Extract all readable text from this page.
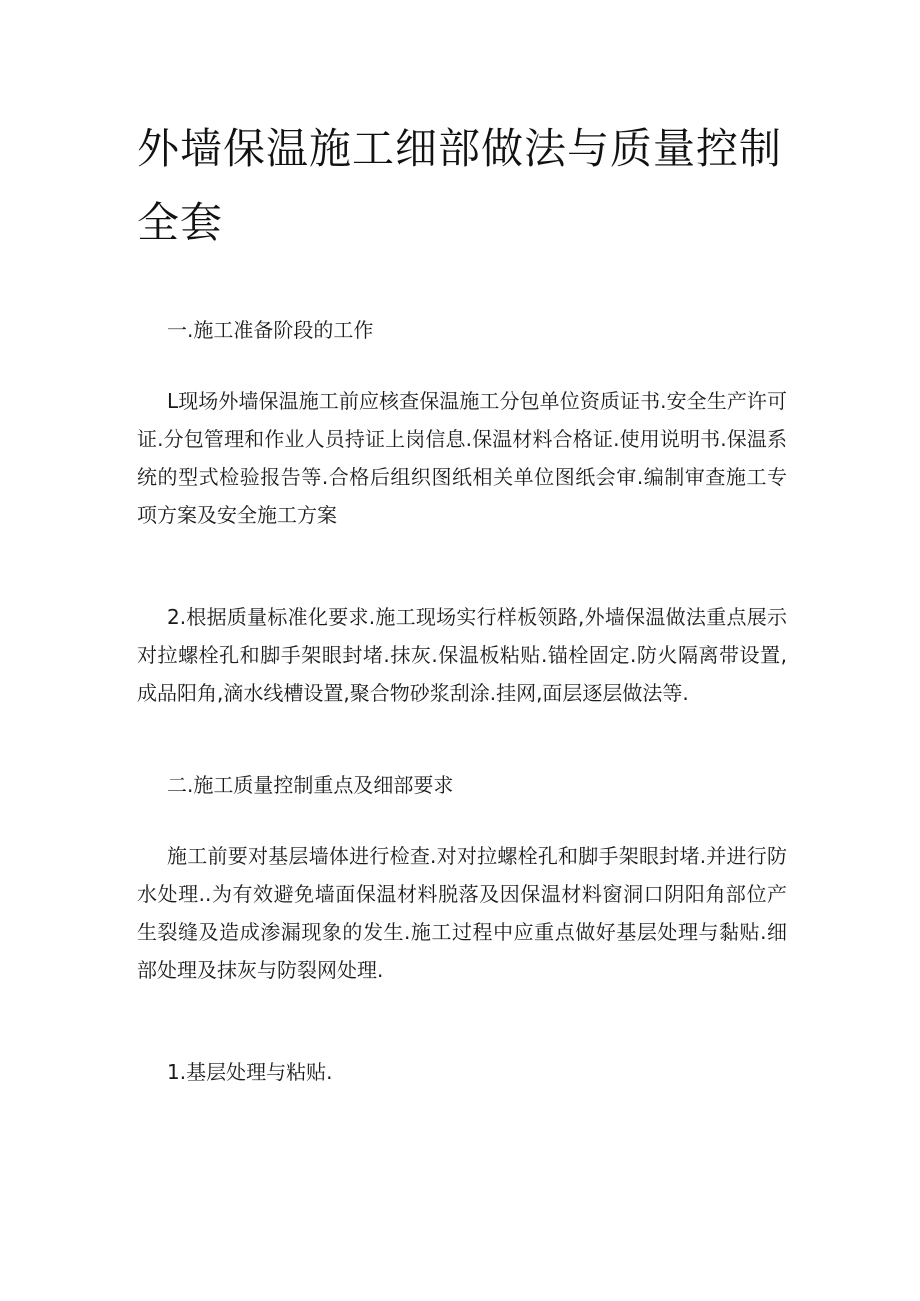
外墙保温施工细部做法与质量控制全套

一.施工准备阶段的工作

L现场外墙保温施工前应核查保温施工分包单位资质证书.安全生产许可证.分包管理和作业人员持证上岗信息.保温材料合格证.使用说明书.保温系统的型式检验报告等.合格后组织图纸相关单位图纸会审.编制审查施工专项方案及安全施工方案

2.根据质量标准化要求.施工现场实行样板领路,外墙保温做法重点展示对拉螺栓孔和脚手架眼封堵.抹灰.保温板粘贴.锚栓固定.防火隔离带设置,成品阳角,滴水线槽设置,聚合物砂浆刮涂.挂网,面层逐层做法等.

二.施工质量控制重点及细部要求

施工前要对基层墙体进行检查.对对拉螺栓孔和脚手架眼封堵.并进行防水处理..为有效避免墙面保温材料脱落及因保温材料窗洞口阴阳角部位产生裂缝及造成渗漏现象的发生.施工过程中应重点做好基层处理与黏贴.细部处理及抹灰与防裂网处理.

1.基层处理与粘贴.
